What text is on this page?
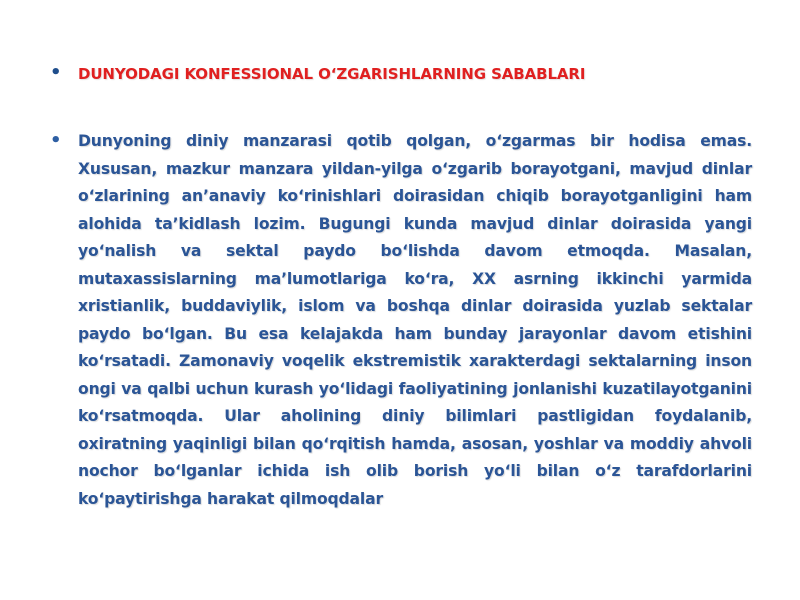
•	DUNYODAGI KONFESSIONAL O‘ZGARISHLARNING SABABLARI
•	Dunyoning diniy manzarasi qotib qolgan, o‘zgarmas bir hodisa emas. Xususan, mazkur manzara yildan-yilga o‘zgarib borayotgani, mavjud dinlar o‘zlarining an’anaviy ko‘rinishlari doirasidan chiqib borayotganligini ham alohida ta’kidlash lozim. Bugungi kunda mavjud dinlar doirasida yangi yo‘nalish va sektal paydo bo‘lishda davom etmoqda. Masalan, mutaxassislarning ma’lumotlariga ko‘ra, XX asrning ikkinchi yarmida xristianlik, buddaviylik, islom va boshqa dinlar doirasida yuzlab sektalar paydo bo‘lgan. Bu esa kelajakda ham bunday jarayonlar davom etishini ko‘rsatadi. Zamonaviy voqelik ekstremistik xarakterdagi sektalarning inson ongi va qalbi uchun kurash yo‘lidagi faoliyatining jonlanishi kuzatilayotganini ko‘rsatmoqda. Ular aholining diniy bilimlari pastligidan foydalanib, oxiratning yaqinligi bilan qo‘rqitish hamda, asosan, yoshlar va moddiy ahvoli nochor bo‘lganlar ichida ish olib borish yo‘li bilan o‘z tarafdorlarini ko‘paytirishga harakat qilmoqdalar
